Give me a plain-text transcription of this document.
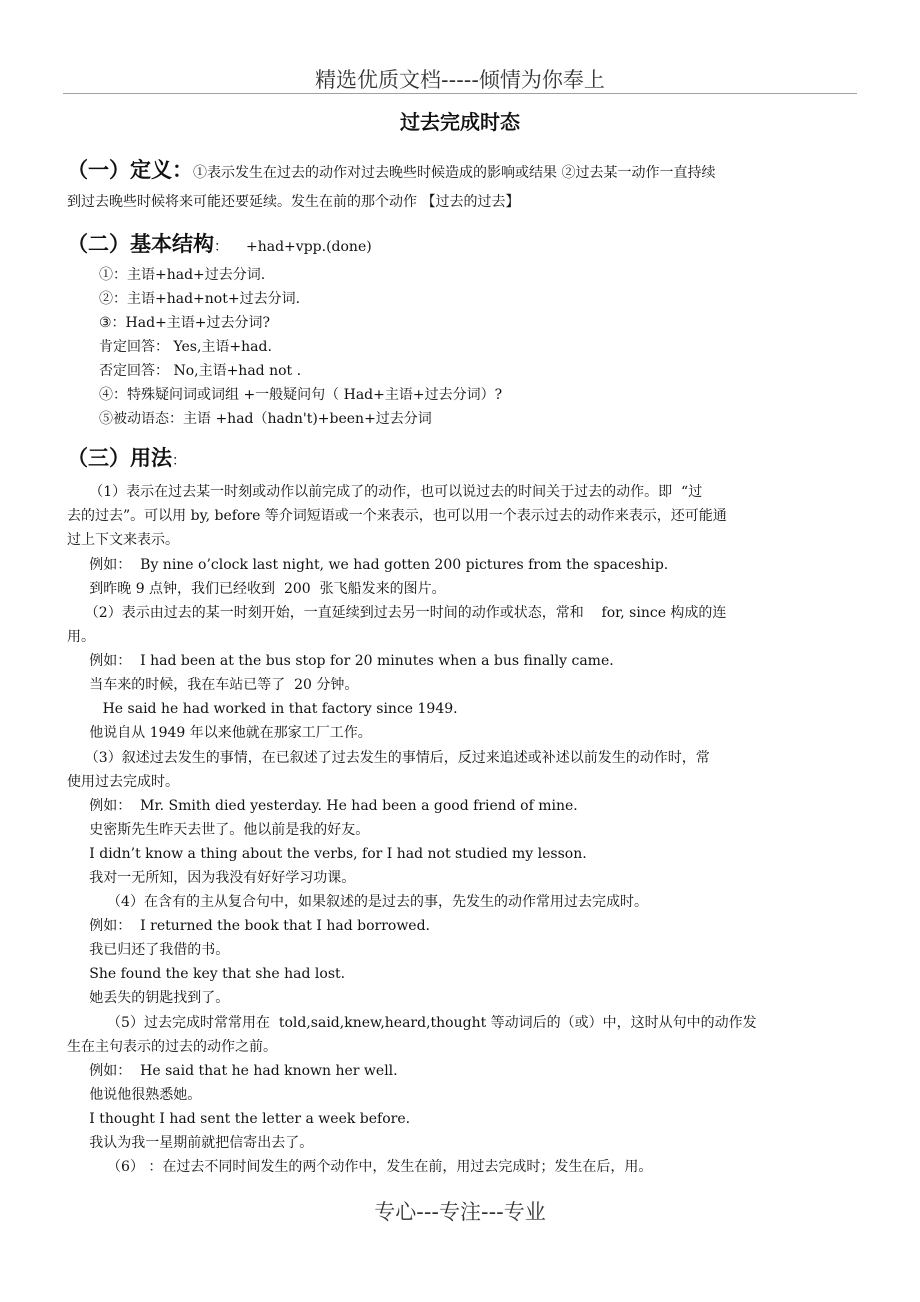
精选优质文档-----倾情为你奉上
过去完成时态
（一）定义：①表示发生在过去的动作对过去晚些时候造成的影响或结果 ②过去某一动作一直持续
到过去晚些时候将来可能还要延续。发生在前的那个动作 【过去的过去】
（二）基本结构： +had+vpp.(done)
①：主语+had+过去分词.
②：主语+had+not+过去分词.
③：Had+主语+过去分词?
肯定回答： Yes,主语+had.
否定回答： No,主语+had not .
④：特殊疑问词或词组 +一般疑问句（ Had+主语+过去分词）?
⑤被动语态：主语 +had（hadn't)+been+过去分词
（三）用法：
（1）表示在过去某一时刻或动作以前完成了的动作，也可以说过去的时间关于过去的动作。即  “过
去的过去”。可以用 by, before 等介词短语或一个来表示，也可以用一个表示过去的动作来表示，还可能通
过上下文来表示。
例如：  By nine o’clock last night, we had gotten 200 pictures from the spaceship.
到昨晚 9 点钟，我们已经收到  200  张飞船发来的图片。
（2）表示由过去的某一时刻开始，一直延续到过去另一时间的动作或状态，常和    for, since 构成的连
用。
例如：  I had been at the bus stop for 20 minutes when a bus finally came.
当车来的时候，我在车站已等了  20 分钟。
He said he had worked in that factory since 1949.
他说自从 1949 年以来他就在那家工厂工作。
（3）叙述过去发生的事情，在已叙述了过去发生的事情后，反过来追述或补述以前发生的动作时，常
使用过去完成时。
例如：  Mr. Smith died yesterday. He had been a good friend of mine.
史密斯先生昨天去世了。他以前是我的好友。
I didn’t know a thing about the verbs, for I had not studied my lesson.
我对一无所知，因为我没有好好学习功课。
（4）在含有的主从复合句中，如果叙述的是过去的事，先发生的动作常用过去完成时。
例如：  I returned the book that I had borrowed.
我已归还了我借的书。
She found the key that she had lost.
她丢失的钥匙找到了。
（5）过去完成时常常用在  told,said,knew,heard,thought 等动词后的（或）中，这时从句中的动作发
生在主句表示的过去的动作之前。
例如：  He said that he had known her well.
他说他很熟悉她。
I thought I had sent the letter a week before.
我认为我一星期前就把信寄出去了。
（6） ：在过去不同时间发生的两个动作中，发生在前，用过去完成时；发生在后，用。
专心---专注---专业
